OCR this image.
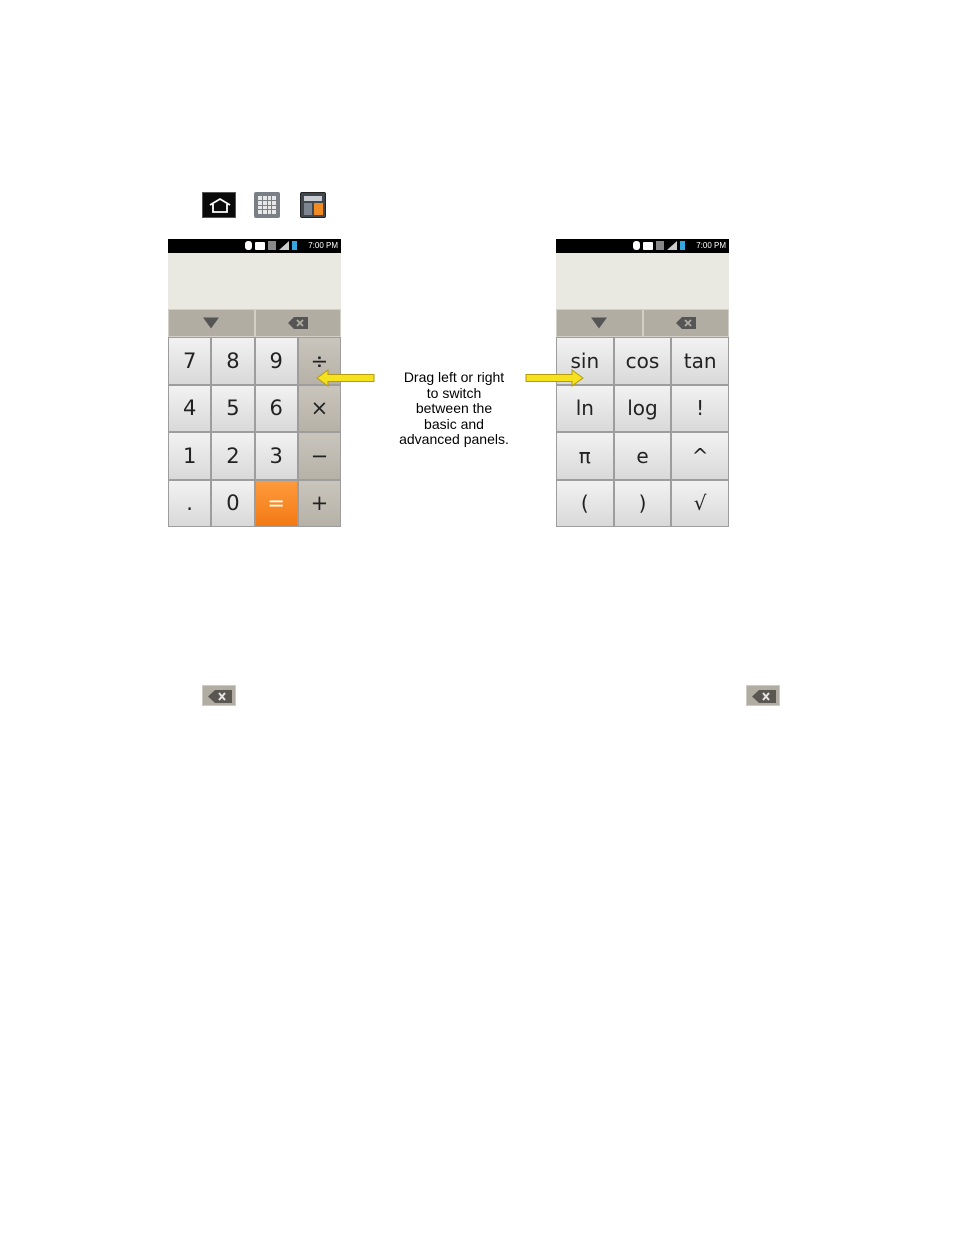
7:00 PM
7	8	9	÷
4	5	6	×
1	2	3	−
.	0	=	+
7:00 PM
sin	cos	tan
ln	log	!
π	e	^
(	)	√
Drag left or right
to switch
between the
basic and
advanced panels.
